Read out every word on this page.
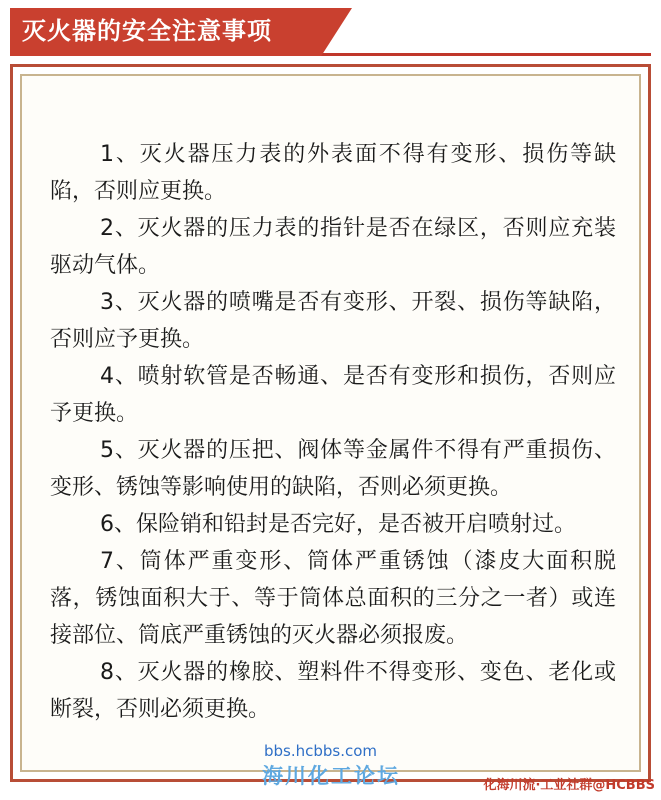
灭火器的安全注意事项

1、灭火器压力表的外表面不得有变形、损伤等缺陷，否则应更换。

2、灭火器的压力表的指针是否在绿区，否则应充装驱动气体。

3、灭火器的喷嘴是否有变形、开裂、损伤等缺陷，否则应予更换。

4、喷射软管是否畅通、是否有变形和损伤，否则应予更换。

5、灭火器的压把、阀体等金属件不得有严重损伤、变形、锈蚀等影响使用的缺陷，否则必须更换。

6、保险销和铅封是否完好，是否被开启喷射过。

7、筒体严重变形、筒体严重锈蚀（漆皮大面积脱落，锈蚀面积大于、等于筒体总面积的三分之一者）或连接部位、筒底严重锈蚀的灭火器必须报废。

8、灭火器的橡胶、塑料件不得变形、变色、老化或断裂，否则必须更换。

bbs.hcbbs.com
海川化工论坛	化海川流·工业社群@HCBBS
